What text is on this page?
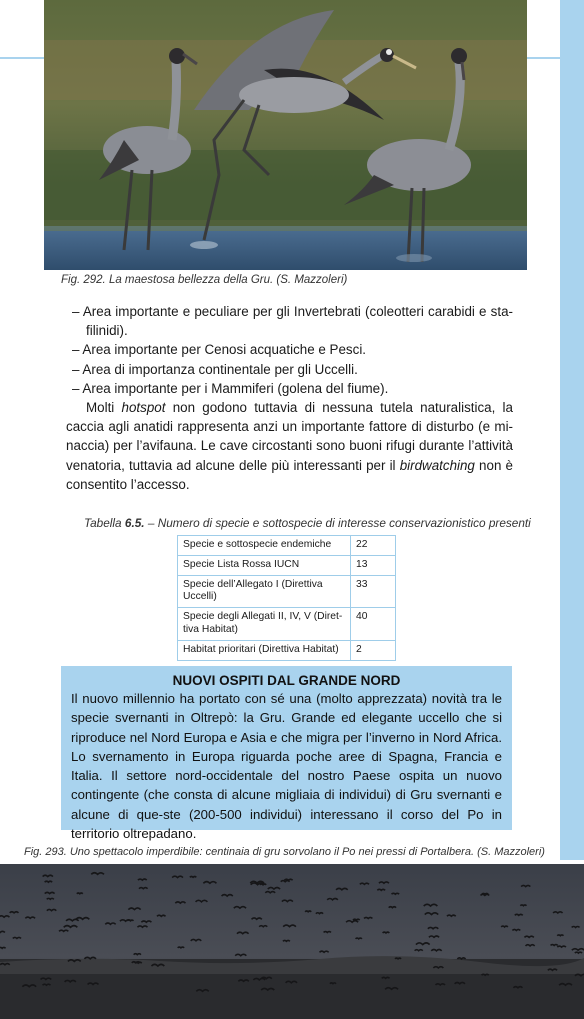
Fig. 292. La maestosa bellezza della Gru. (S. Mazzoleri)

– Area importante e peculiare per gli Invertebrati (coleotteri carabidi e sta-filinidi).

– Area importante per Cenosi acquatiche e Pesci.

– Area di importanza continentale per gli Uccelli.

– Area importante per i Mammiferi (golena del fiume).

Molti hotspot non godono tuttavia di nessuna tutela naturalistica, la caccia agli anatidi rappresenta anzi un importante fattore di disturbo (e mi-naccia) per l’avifauna. Le cave circostanti sono buoni rifugi durante l’attività venatoria, tuttavia ad alcune delle più interessanti per il birdwatching non è consentito l’accesso.

Tabella 6.5. – Numero di specie e sottospecie di interesse conservazionistico presenti
Specie e sottospecie endemiche	22
Specie Lista Rossa IUCN	13
Specie dell’Allegato I (Direttiva Uccelli)	33
Specie degli Allegati II, IV, V (Diret-tiva Habitat)	40
Habitat prioritari (Direttiva Habitat)	2
NUOVI OSPITI DAL GRANDE NORD

Il nuovo millennio ha portato con sé una (molto apprezzata) novità tra le specie svernanti in Oltrepò: la Gru. Grande ed elegante uccello che si riproduce nel Nord Europa e Asia e che migra per l’inverno in Nord Africa. Lo svernamento in Europa riguarda poche aree di Spagna, Francia e Italia. Il settore nord-occidentale del nostro Paese ospita un nuovo contingente (che consta di alcune migliaia di individui) di Gru svernanti e alcune di que-ste (200-500 individui) interessano il corso del Po in territorio oltrepadano.

Fig. 293. Uno spettacolo imperdibile: centinaia di gru sorvolano il Po nei pressi di Portalbera. (S. Mazzoleri)
